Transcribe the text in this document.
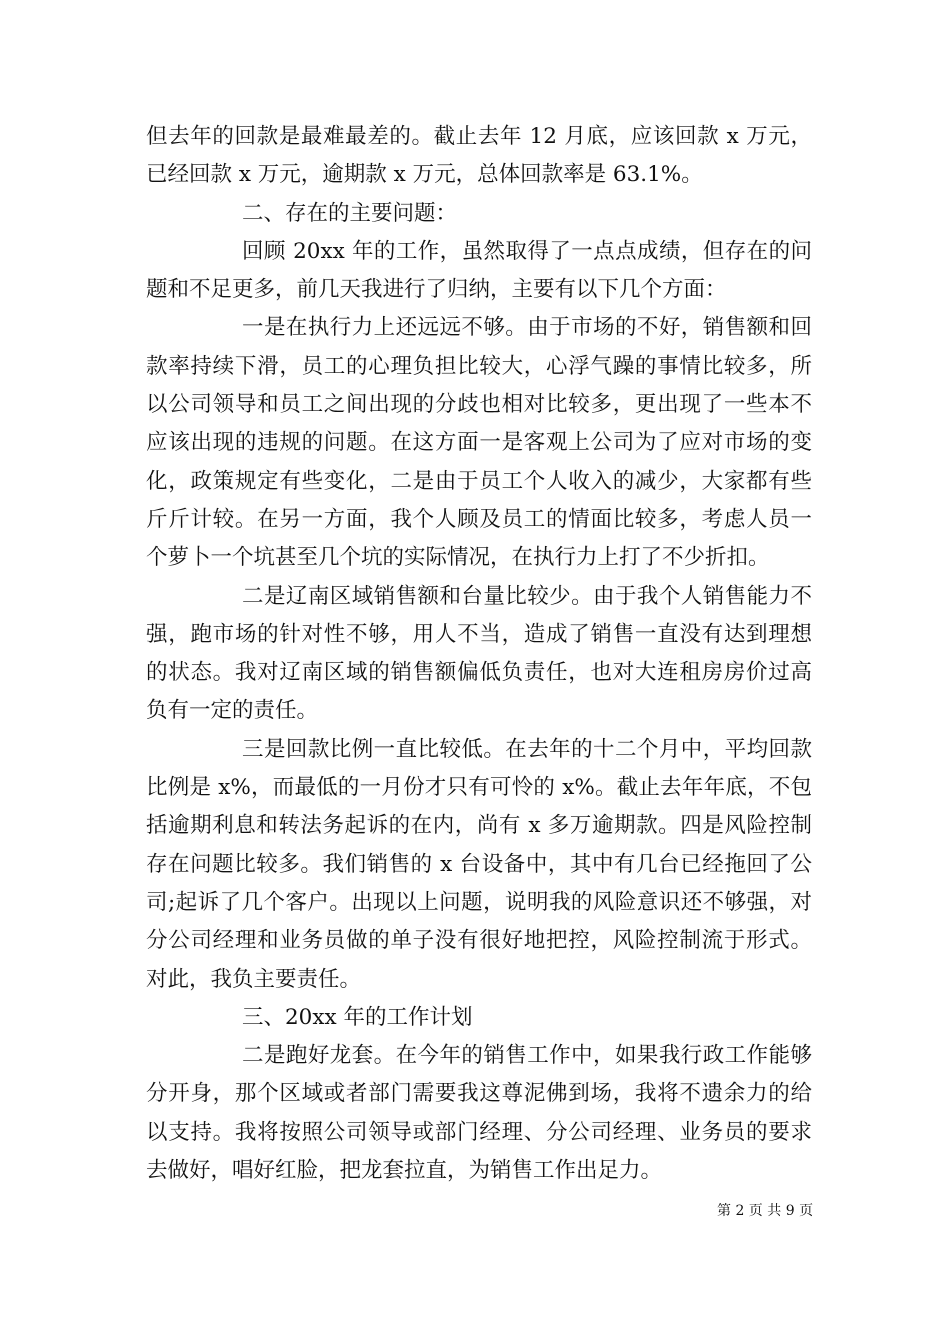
但去年的回款是最难最差的。截止去年 12 月底，应该回款 x 万元，已经回款 x 万元，逾期款 x 万元，总体回款率是 63.1%。

二、存在的主要问题：

回顾 20xx 年的工作，虽然取得了一点点成绩，但存在的问题和不足更多，前几天我进行了归纳，主要有以下几个方面：

一是在执行力上还远远不够。由于市场的不好，销售额和回款率持续下滑，员工的心理负担比较大，心浮气躁的事情比较多，所以公司领导和员工之间出现的分歧也相对比较多，更出现了一些本不应该出现的违规的问题。在这方面一是客观上公司为了应对市场的变化，政策规定有些变化，二是由于员工个人收入的减少，大家都有些斤斤计较。在另一方面，我个人顾及员工的情面比较多，考虑人员一个萝卜一个坑甚至几个坑的实际情况，在执行力上打了不少折扣。

二是辽南区域销售额和台量比较少。由于我个人销售能力不强，跑市场的针对性不够，用人不当，造成了销售一直没有达到理想的状态。我对辽南区域的销售额偏低负责任，也对大连租房房价过高负有一定的责任。

三是回款比例一直比较低。在去年的十二个月中，平均回款比例是 x%，而最低的一月份才只有可怜的 x%。截止去年年底，不包括逾期利息和转法务起诉的在内，尚有 x 多万逾期款。四是风险控制存在问题比较多。我们销售的 x 台设备中，其中有几台已经拖回了公司;起诉了几个客户。出现以上问题，说明我的风险意识还不够强，对分公司经理和业务员做的单子没有很好地把控，风险控制流于形式。对此，我负主要责任。

三、20xx 年的工作计划

二是跑好龙套。在今年的销售工作中，如果我行政工作能够分开身，那个区域或者部门需要我这尊泥佛到场，我将不遗余力的给以支持。我将按照公司领导或部门经理、分公司经理、业务员的要求去做好，唱好红脸，把龙套拉直，为销售工作出足力。

第 2 页 共 9 页
